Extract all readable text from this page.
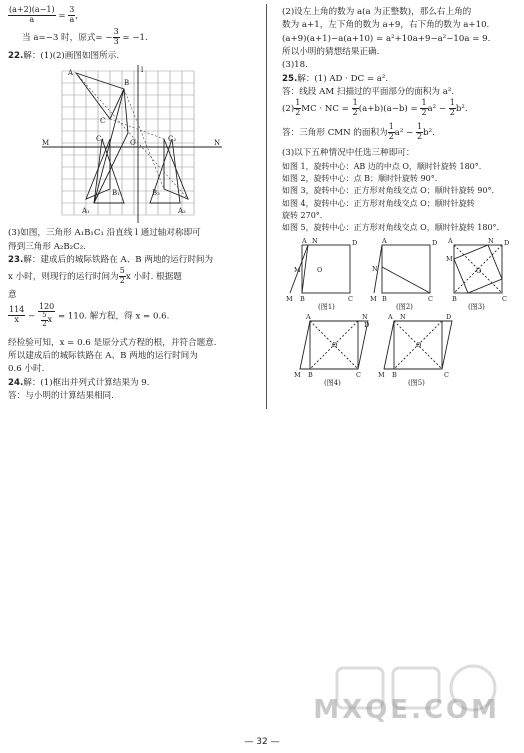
$\frac{(a+2)(a-1)}{a} = \frac{3}{a}$ ,
当 a=−3 时，原式= − $\frac{3}{3} = -1$.
22.解：(1)(2)画图如图所示.
A
B
C
C₁	O	C₂
A₁
B₁	B₂
A₂
M	N
l
(3)如图，三角形 A₁B₁C₁ 沿直线 l 通过轴对称即可
得到三角形 A₂B₂C₂.
23.解：建成后的城际铁路在 A、B 两地的运行时间为
x 小时，则现行的运行时间为 $\frac{5}{2}$ x 小时. 根据题
意
$\frac{114}{x} - \frac{120}{\frac{5}{2} x} = 110$. 解方程，得 x = 0.6.
经检验可知，x = 0.6 是原分式方程的根，并符合题意.
所以建成后的城际铁路在 A、B 两地的运行时间为
0.6 小时.
24.解：(1)框出并列式计算结果为 9.
答：与小明的计算结果相同.
(2)设左上角的数为 a(a 为正整数)，那么右上角的
数为 a+1，左下角的数为 a+9，右下角的数为 a+10.
(a+9)(a+1)−a(a+10) = a²+10a+9−a²−10a = 9.
所以小明的猜想结果正确.
(3)18.
25.解：(1) AD · DC = a².
答：线段 AM 扫描过的平面部分的面积为 a².
$(2) \frac{1}{2}$ MC · NC = $\frac{1}{2} (a+b)(a-b) = \frac{1}{2} a^2 - \frac{1}{2} b^2$.
答：三角形 CMN 的面积为 $\frac{1}{2} a^2 - \frac{1}{2} b^2$.
(3)以下五种情况中任选三种即可：
如图 1，旋转中心：AB 边的中点 O，顺时针旋转 180°.
如图 2，旋转中心：点 B；顺时针旋转 90°.
如图 3，旋转中心：正方形对角线交点 O；顺时针旋转 90°.
如图 4，旋转中心：正方形对角线交点 O；顺时针旋转
旋转 270°.
如图 5，旋转中心：正方形对角线交点 O，顺时针旋转 180°.
A N	D
M	O
M B	C
A	D
N
M B	C
A	N D
M
O
B	C
A	N
D
O
M B	C
A N	D
O
M B	C
(图1)	(图2)	(图3)
(图4)	(图5)
MXQE.COM
— 32 —
